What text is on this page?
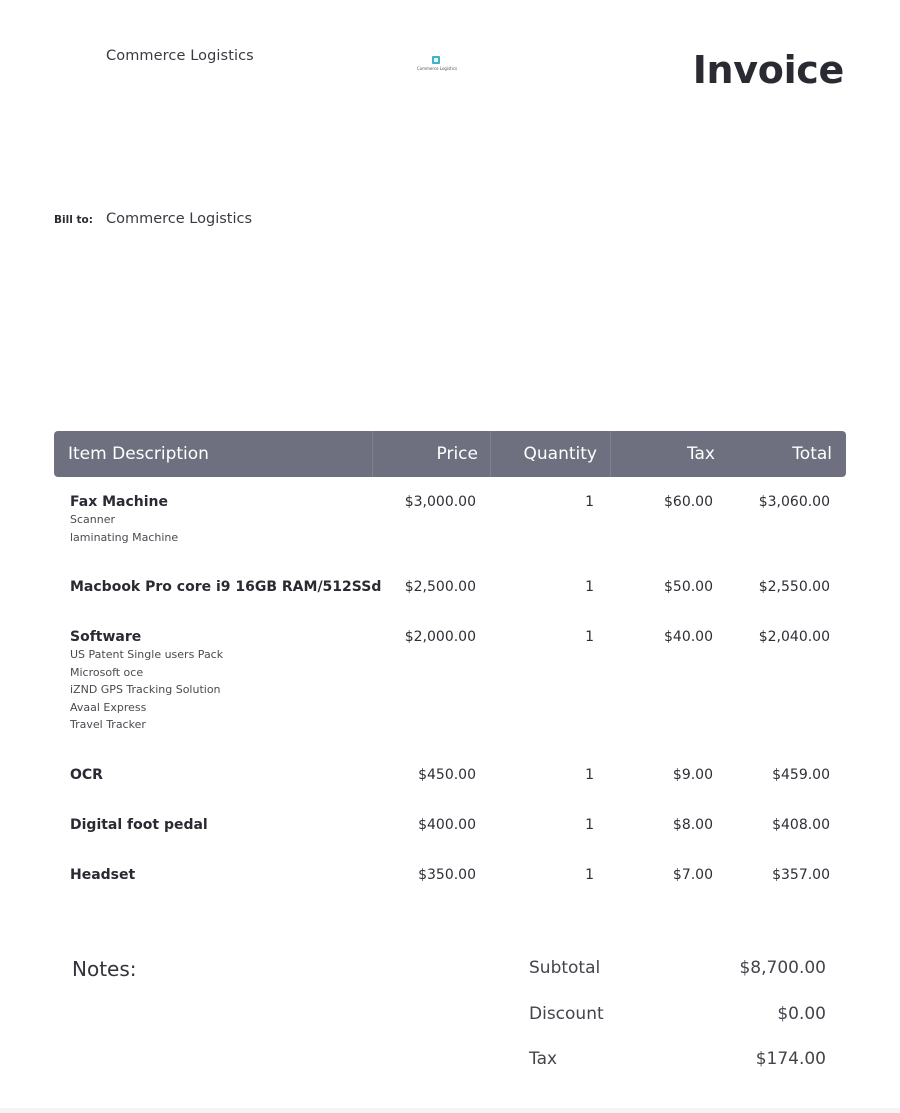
Commerce Logistics
Commerce Logistics	Invoice
Bill to: Commerce Logistics
Item Description	Price	Quantity	Tax	Total
Fax Machine
Scanner
laminating Machine
$3,000.00	1	$60.00	$3,060.00
Macbook Pro core i9 16GB RAM/512SSd $2,500.00	1	$50.00	$2,550.00
Software
US Patent Single users Pack
Microsoft oce
iZND GPS Tracking Solution
Avaal Express
Travel Tracker
$2,000.00	1	$40.00	$2,040.00
OCR	$450.00	1	$9.00	$459.00
Digital foot pedal	$400.00	1	$8.00	$408.00
Headset	$350.00	1	$7.00	$357.00
Notes:	Subtotal	$8,700.00
Discount	$0.00
Tax	$174.00
